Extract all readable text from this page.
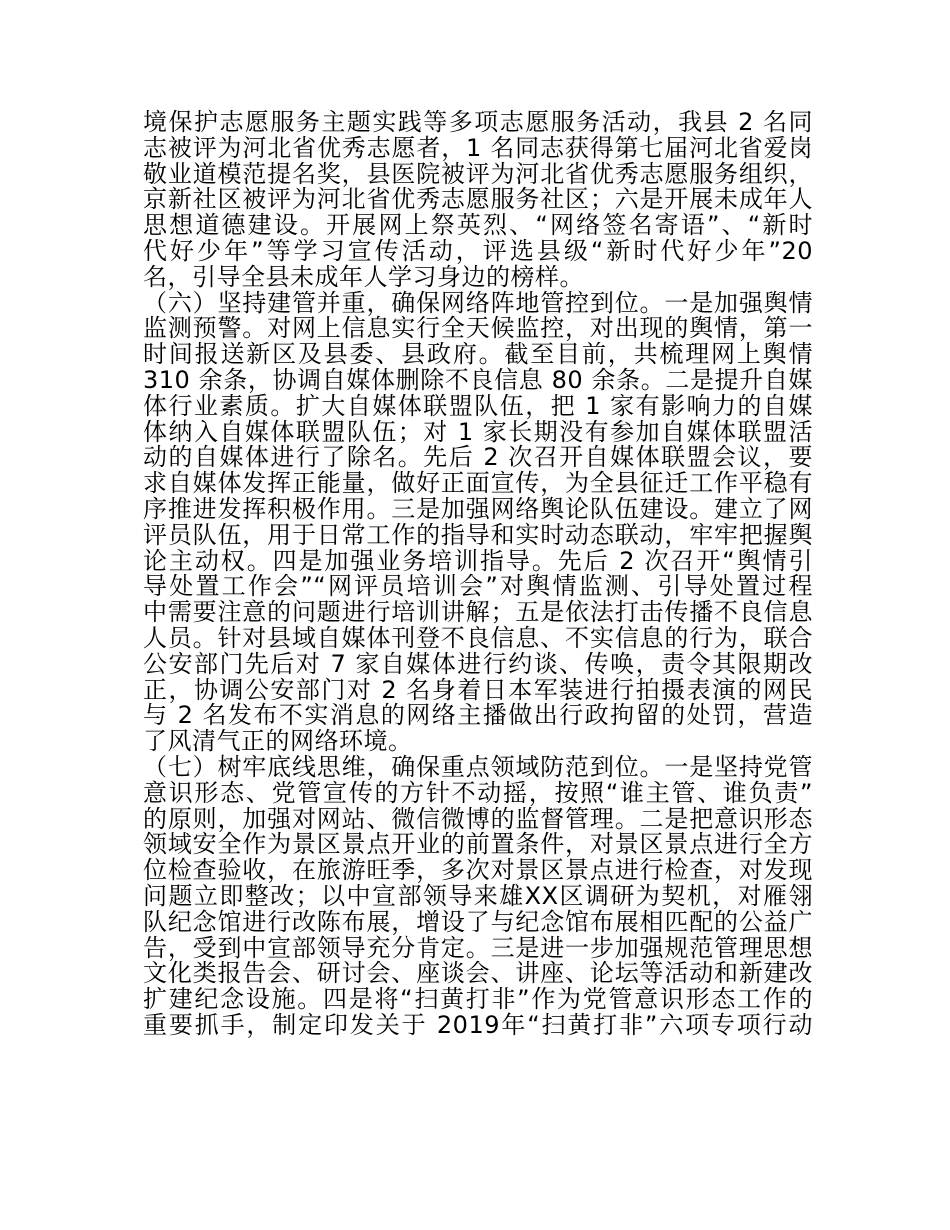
境保护志愿服务主题实践等多项志愿服务活动，我县 2 名同
志被评为河北省优秀志愿者，1 名同志获得第七届河北省爱岗
敬业道模范提名奖，县医院被评为河北省优秀志愿服务组织，
京新社区被评为河北省优秀志愿服务社区；六是开展未成年人
思想道德建设。开展网上祭英烈、“网络签名寄语”、“新时
代好少年”等学习宣传活动，评选县级“新时代好少年”20
名，引导全县未成年人学习身边的榜样。
（六）坚持建管并重，确保网络阵地管控到位。一是加强舆情
监测预警。对网上信息实行全天候监控，对出现的舆情，第一
时间报送新区及县委、县政府。截至目前，共梳理网上舆情
310 余条，协调自媒体删除不良信息 80 余条。二是提升自媒
体行业素质。扩大自媒体联盟队伍，把 1 家有影响力的自媒
体纳入自媒体联盟队伍；对 1 家长期没有参加自媒体联盟活
动的自媒体进行了除名。先后 2 次召开自媒体联盟会议，要
求自媒体发挥正能量，做好正面宣传，为全县征迁工作平稳有
序推进发挥积极作用。三是加强网络舆论队伍建设。建立了网
评员队伍，用于日常工作的指导和实时动态联动，牢牢把握舆
论主动权。四是加强业务培训指导。先后 2 次召开“舆情引
导处置工作会”“网评员培训会”对舆情监测、引导处置过程
中需要注意的问题进行培训讲解；五是依法打击传播不良信息
人员。针对县域自媒体刊登不良信息、不实信息的行为，联合
公安部门先后对 7 家自媒体进行约谈、传唤，责令其限期改
正，协调公安部门对 2 名身着日本军装进行拍摄表演的网民
与 2 名发布不实消息的网络主播做出行政拘留的处罚，营造
了风清气正的网络环境。
（七）树牢底线思维，确保重点领域防范到位。一是坚持党管
意识形态、党管宣传的方针不动摇，按照“谁主管、谁负责”
的原则，加强对网站、微信微博的监督管理。二是把意识形态
领域安全作为景区景点开业的前置条件，对景区景点进行全方
位检查验收，在旅游旺季，多次对景区景点进行检查，对发现
问题立即整改；以中宣部领导来雄XX区调研为契机，对雁翎
队纪念馆进行改陈布展，增设了与纪念馆布展相匹配的公益广
告，受到中宣部领导充分肯定。三是进一步加强规范管理思想
文化类报告会、研讨会、座谈会、讲座、论坛等活动和新建改
扩建纪念设施。四是将“扫黄打非”作为党管意识形态工作的
重要抓手，制定印发关于 2019年“扫黄打非”六项专项行动
